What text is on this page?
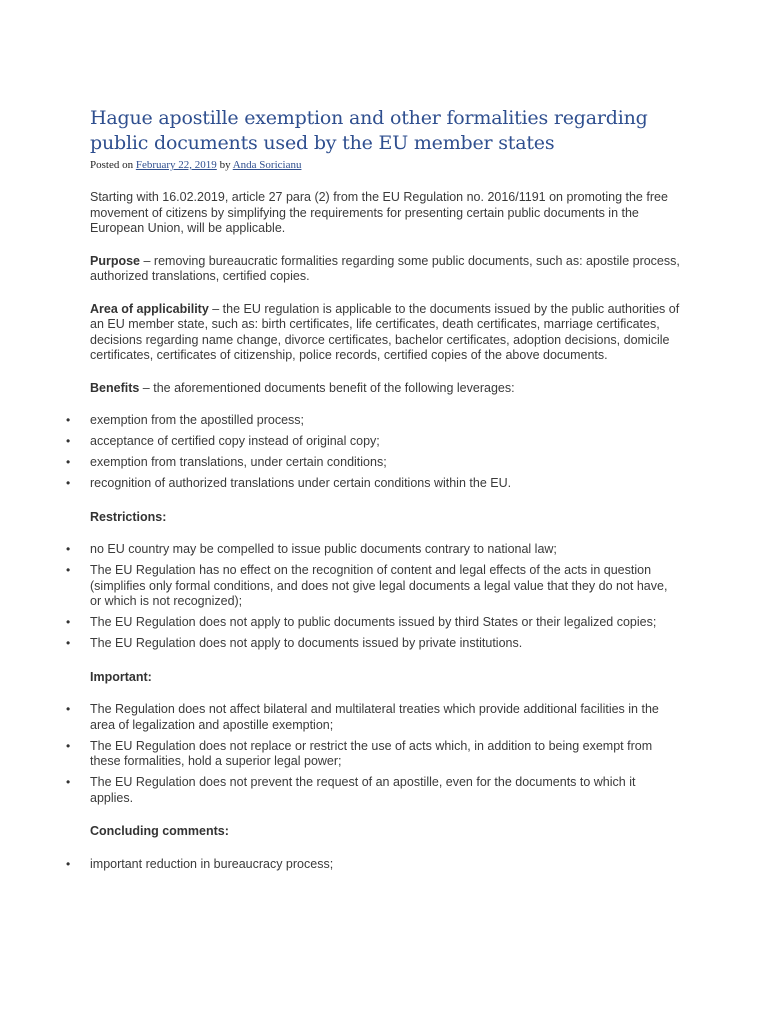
Hague apostille exemption and other formalities regarding public documents used by the EU member states
Posted on February 22, 2019 by Anda Soricianu

Starting with 16.02.2019, article 27 para (2) from the EU Regulation no. 2016/1191 on promoting the free movement of citizens by simplifying the requirements for presenting certain public documents in the European Union, will be applicable.

Purpose – removing bureaucratic formalities regarding some public documents, such as: apostile process, authorized translations, certified copies.

Area of applicability – the EU regulation is applicable to the documents issued by the public authorities of an EU member state, such as: birth certificates, life certificates, death certificates, marriage certificates, decisions regarding name change, divorce certificates, bachelor certificates, adoption decisions, domicile certificates, certificates of citizenship, police records, certified copies of the above documents.

Benefits – the aforementioned documents benefit of the following leverages:

• exemption from the apostilled process;
• acceptance of certified copy instead of original copy;
• exemption from translations, under certain conditions;
• recognition of authorized translations under certain conditions within the EU.

Restrictions:

• no EU country may be compelled to issue public documents contrary to national law;
• The EU Regulation has no effect on the recognition of content and legal effects of the acts in question (simplifies only formal conditions, and does not give legal documents a legal value that they do not have, or which is not recognized);
• The EU Regulation does not apply to public documents issued by third States or their legalized copies;
• The EU Regulation does not apply to documents issued by private institutions.

Important:

• The Regulation does not affect bilateral and multilateral treaties which provide additional facilities in the area of legalization and apostille exemption;
• The EU Regulation does not replace or restrict the use of acts which, in addition to being exempt from these formalities, hold a superior legal power;
• The EU Regulation does not prevent the request of an apostille, even for the documents to which it applies.

Concluding comments:

• important reduction in bureaucracy process;
